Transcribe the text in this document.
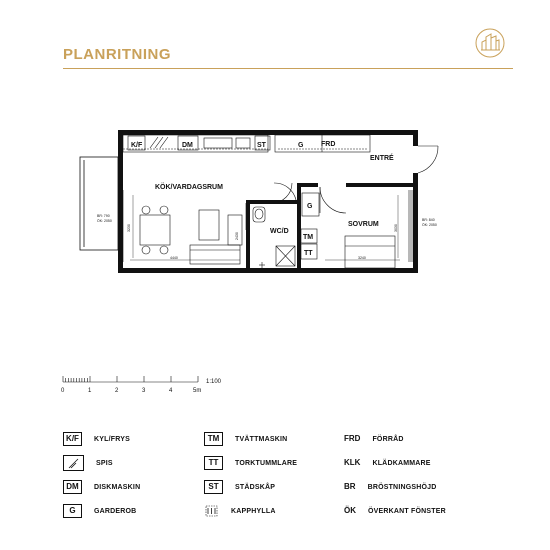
PLANRITNING
KÖK/VARDAGSRUM
ENTRÉ
WC/D
SOVRUM
K/F	DM	ST	G	FRD
G
TM
TT
BR: 790
ÖK: 2050	BR: 840
ÖK: 2050
4440	3240
3230	3030
2430
0	1	2	3	4	5m
1:100
K/F	KYL/FRYS
SPIS
DM	DISKMASKIN
G	GARDEROB
TM	TVÄTTMASKIN
TT	TORKTUMMLARE
ST	STÄDSKÅP
KAPPHYLLA
FRD FÖRRÅD
KLK KLÄDKAMMARE
BR BRÖSTNINGSHÖJD
ÖK ÖVERKANT FÖNSTER
